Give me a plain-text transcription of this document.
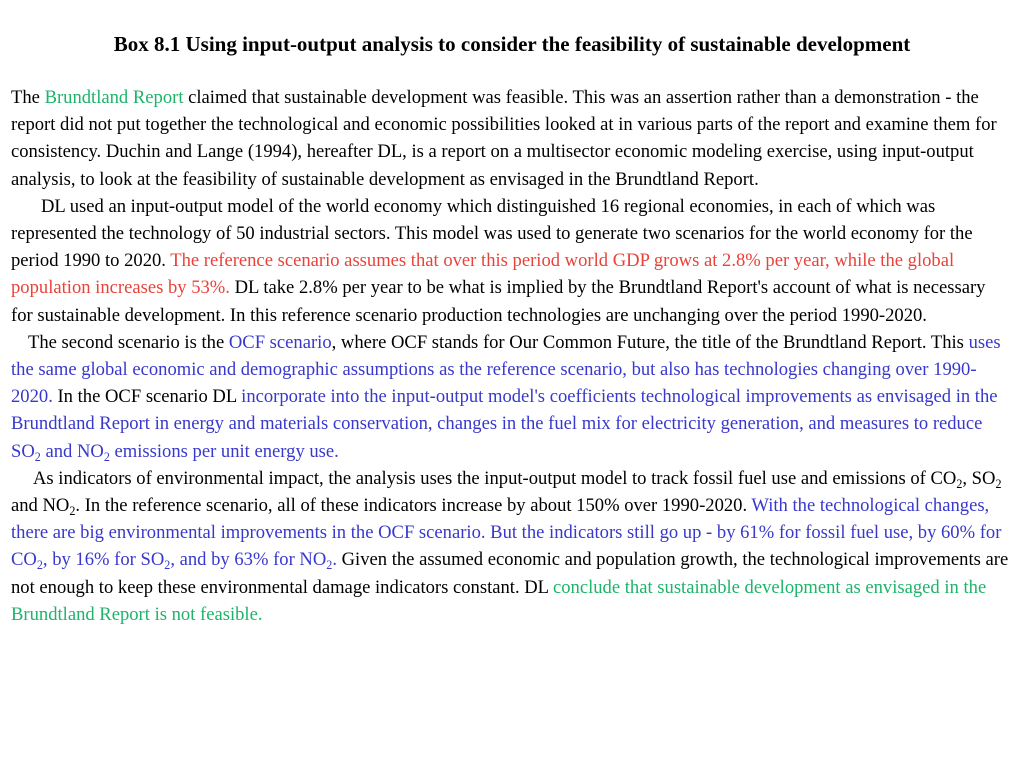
Box 8.1 Using input-output analysis to consider the feasibility of sustainable development

The Brundtland Report claimed that sustainable development was feasible. This was an assertion rather than a demonstration - the report did not put together the technological and economic possibilities looked at in various parts of the report and examine them for consistency. Duchin and Lange (1994), hereafter DL, is a report on a multisector economic modeling exercise, using input-output analysis, to look at the feasibility of sustainable development as envisaged in the Brundtland Report.

DL used an input-output model of the world economy which distinguished 16 regional economies, in each of which was represented the technology of 50 industrial sectors. This model was used to generate two scenarios for the world economy for the period 1990 to 2020. The reference scenario assumes that over this period world GDP grows at 2.8% per year, while the global population increases by 53%. DL take 2.8% per year to be what is implied by the Brundtland Report's account of what is necessary for sustainable development. In this reference scenario production technologies are unchanging over the period 1990-2020.

The second scenario is the OCF scenario, where OCF stands for Our Common Future, the title of the Brundtland Report. This uses the same global economic and demographic assumptions as the reference scenario, but also has technologies changing over 1990-2020. In the OCF scenario DL incorporate into the input-output model's coefficients technological improvements as envisaged in the Brundtland Report in energy and materials conservation, changes in the fuel mix for electricity generation, and measures to reduce $SO_2$ and $NO_2$ emissions per unit energy use.

As indicators of environmental impact, the analysis uses the input-output model to track fossil fuel use and emissions of $CO_2$, $SO_2$ and $NO_2$. In the reference scenario, all of these indicators increase by about 150% over 1990-2020. With the technological changes, there are big environmental improvements in the OCF scenario. But the indicators still go up - by 61% for fossil fuel use, by 60% for $CO_2$, by 16% for $SO_2$, and by 63% for $NO_2$. Given the assumed economic and population growth, the technological improvements are not enough to keep these environmental damage indicators constant. DL conclude that sustainable development as envisaged in the Brundtland Report is not feasible.
